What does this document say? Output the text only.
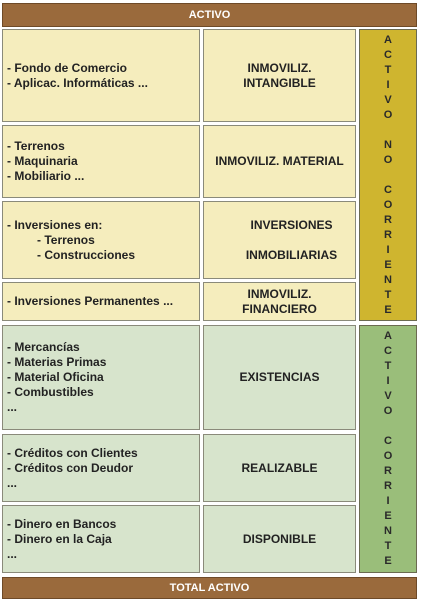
ACTIVO
- Fondo de Comercio
- Aplicac. Informáticas ...
INMOVILIZ.
INTANGIBLE
- Terrenos
- Maquinaria
- Mobiliario ...
INMOVILIZ. MATERIAL
- Inversiones en:
- Terrenos
- Construcciones
INVERSIONES
INMOBILIARIAS
- Inversiones Permanentes ...
INMOVILIZ.
FINANCIERO
A
C
T
I
V
O
N
O
C
O
R
R
I
E
N
T
E
- Mercancías
- Materias Primas
- Material Oficina
- Combustibles
...
EXISTENCIAS
- Créditos con Clientes
- Créditos con Deudor
...
REALIZABLE
- Dinero en Bancos
- Dinero en la Caja
...
DISPONIBLE
A
C
T
I
V
O
C
O
R
R
I
E
N
T
E
TOTAL ACTIVO
